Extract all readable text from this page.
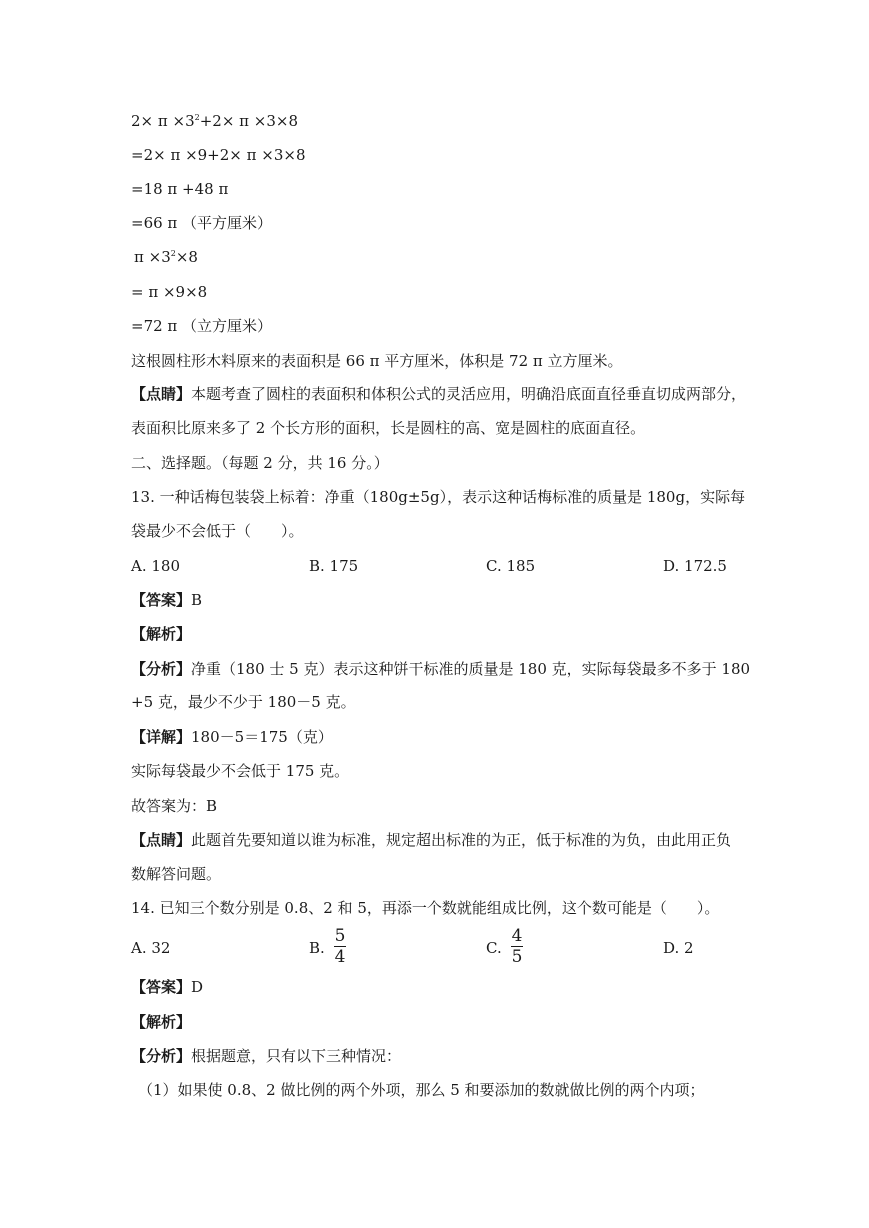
$2\times \pi \times 3^2+2\times \pi \times 3\times 8$
=2× π ×9+2× π ×3×8
=18 π +48 π
=66 π （平方厘米）
$\pi \times 3^2\times 8$
= π ×9×8
=72 π （立方厘米）
这根圆柱形木料原来的表面积是 66 π 平方厘米，体积是 72 π 立方厘米。
【点睛】本题考查了圆柱的表面积和体积公式的灵活应用，明确沿底面直径垂直切成两部分，
表面积比原来多了 2 个长方形的面积，长是圆柱的高、宽是圆柱的底面直径。
二、选择题。（每题 2 分，共 16 分。）
13. 一种话梅包装袋上标着：净重（180g±5g），表示这种话梅标准的质量是 180g，实际每
袋最少不会低于（　　）。
A. 180	B. 175	C. 185	D. 172.5
【答案】B
【解析】
【分析】净重（180 士 5 克）表示这种饼干标准的质量是 180 克，实际每袋最多不多于 180
+5 克，最少不少于 180－5 克。
【详解】180－5＝175（克）
实际每袋最少不会低于 175 克。
故答案为：B
【点睛】此题首先要知道以谁为标准，规定超出标准的为正，低于标准的为负，由此用正负
数解答问题。
14. 已知三个数分别是 0.8、2 和 5，再添一个数就能组成比例，这个数可能是（　　）。
A. 32	B.
5
4	C.
4
5	D. 2
【答案】D
【解析】
【分析】根据题意，只有以下三种情况：
（1）如果使 0.8、2 做比例的两个外项，那么 5 和要添加的数就做比例的两个内项；
